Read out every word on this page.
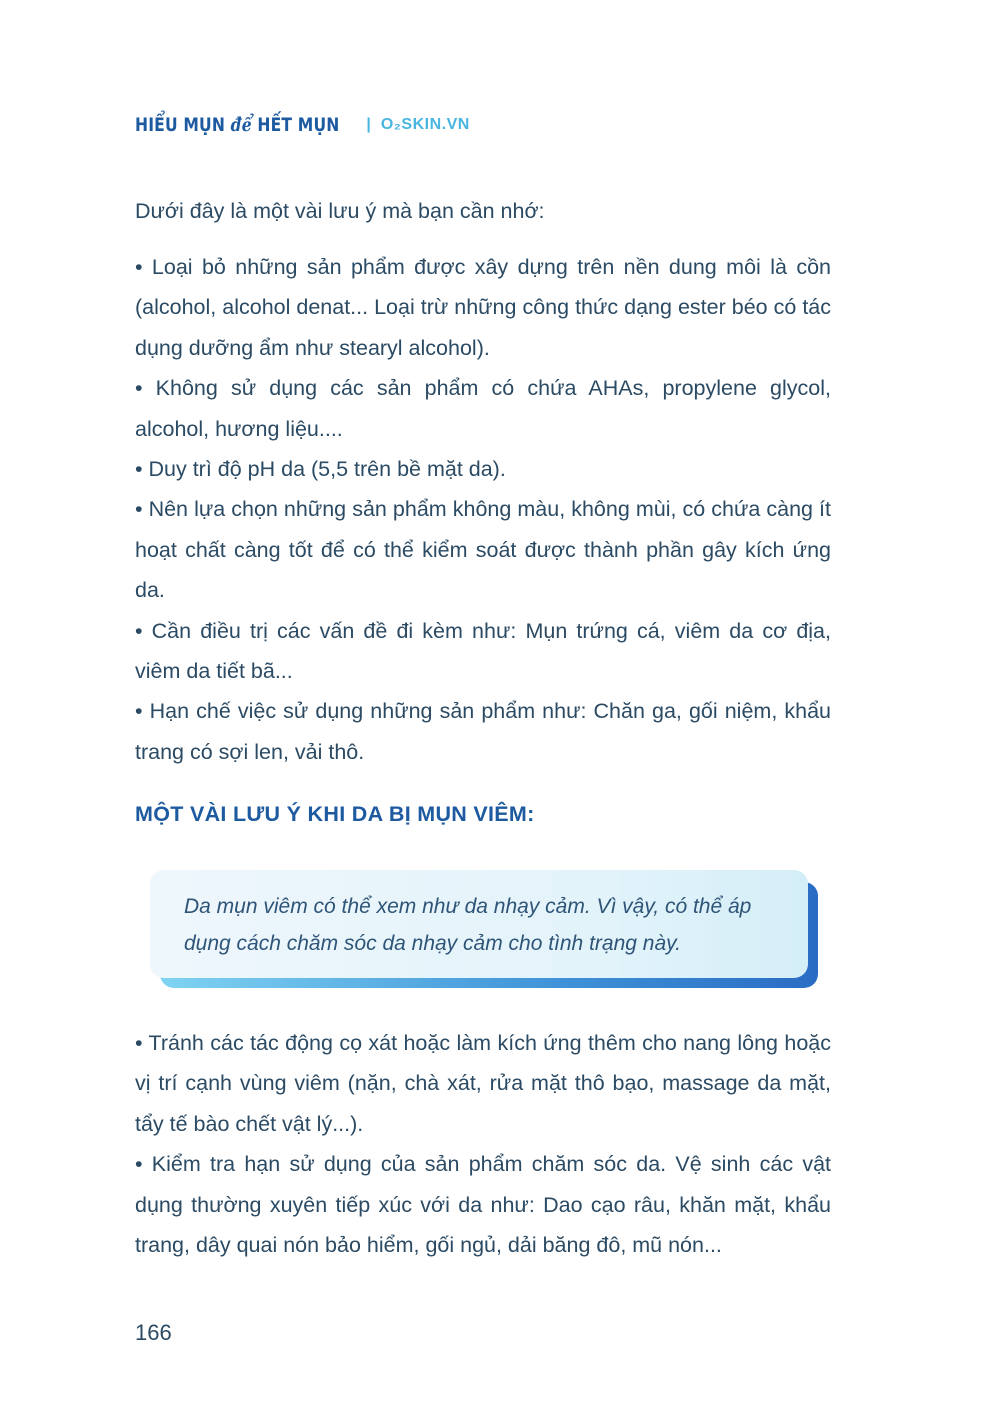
HIỂU MỤN để HẾT MỤN | O₂SKIN.VN

Dưới đây là một vài lưu ý mà bạn cần nhớ:

• Loại bỏ những sản phẩm được xây dựng trên nền dung môi là cồn (alcohol, alcohol denat... Loại trừ những công thức dạng ester béo có tác dụng dưỡng ẩm như stearyl alcohol).

• Không sử dụng các sản phẩm có chứa AHAs, propylene glycol, alcohol, hương liệu....

• Duy trì độ pH da (5,5 trên bề mặt da).

• Nên lựa chọn những sản phẩm không màu, không mùi, có chứa càng ít hoạt chất càng tốt để có thể kiểm soát được thành phần gây kích ứng da.

• Cần điều trị các vấn đề đi kèm như: Mụn trứng cá, viêm da cơ địa, viêm da tiết bã...

• Hạn chế việc sử dụng những sản phẩm như: Chăn ga, gối niệm, khẩu trang có sợi len, vải thô.

MỘT VÀI LƯU Ý KHI DA BỊ MỤN VIÊM:
Da mụn viêm có thể xem như da nhạy cảm. Vì vậy, có thể áp dụng cách chăm sóc da nhạy cảm cho tình trạng này.

• Tránh các tác động cọ xát hoặc làm kích ứng thêm cho nang lông hoặc vị trí cạnh vùng viêm (nặn, chà xát, rửa mặt thô bạo, massage da mặt, tẩy tế bào chết vật lý...).

• Kiểm tra hạn sử dụng của sản phẩm chăm sóc da. Vệ sinh các vật dụng thường xuyên tiếp xúc với da như: Dao cạo râu, khăn mặt, khẩu trang, dây quai nón bảo hiểm, gối ngủ, dải băng đô, mũ nón...

166
